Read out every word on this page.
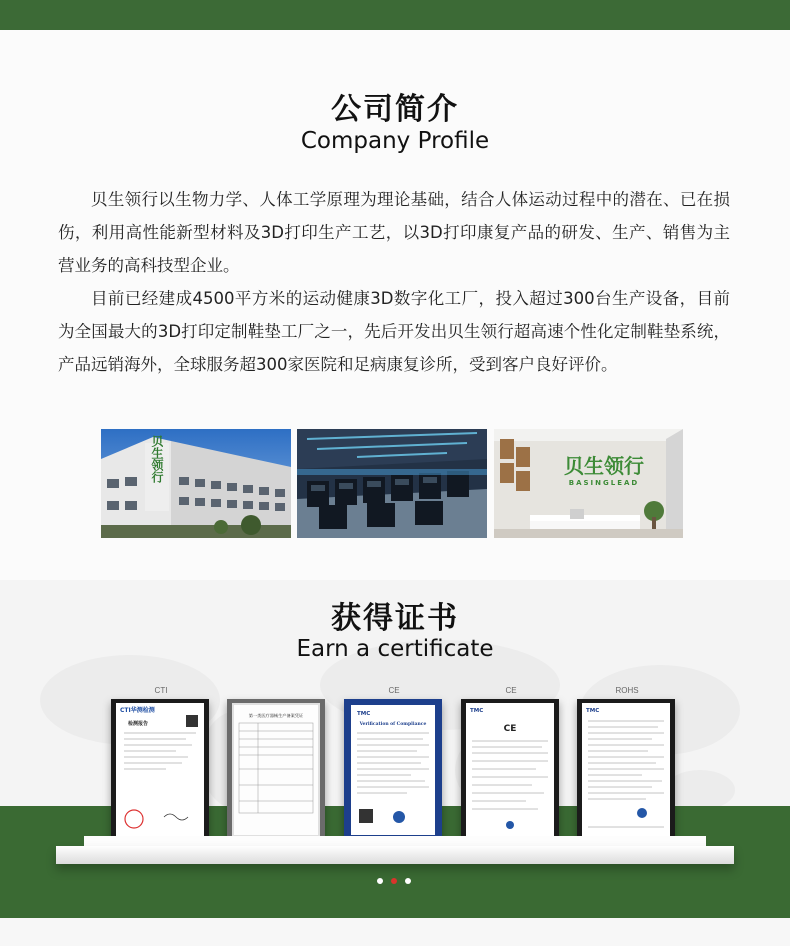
公司简介
Company Profile

贝生领行以生物力学、人体工学原理为理论基础，结合人体运动过程中的潜在、已在损伤，利用高性能新型材料及3D打印生产工艺，以3D打印康复产品的研发、生产、销售为主营业务的高科技型企业。

目前已经建成4500平方米的运动健康3D数字化工厂，投入超过300台生产设备，目前为全国最大的3D打印定制鞋垫工厂之一，先后开发出贝生领行超高速个性化定制鞋垫系统，产品远销海外，全球服务超300家医院和足病康复诊所，受到客户良好评价。

贝生领行	贝生领行
BASINGLEAD
获得证书
Earn a certificate
CTI	CE	CE	ROHS
CTI华测检测
检测报告
第一类医疗器械生产备案凭证	TMC
Verification of Compliance
TMC
CE
TMC
